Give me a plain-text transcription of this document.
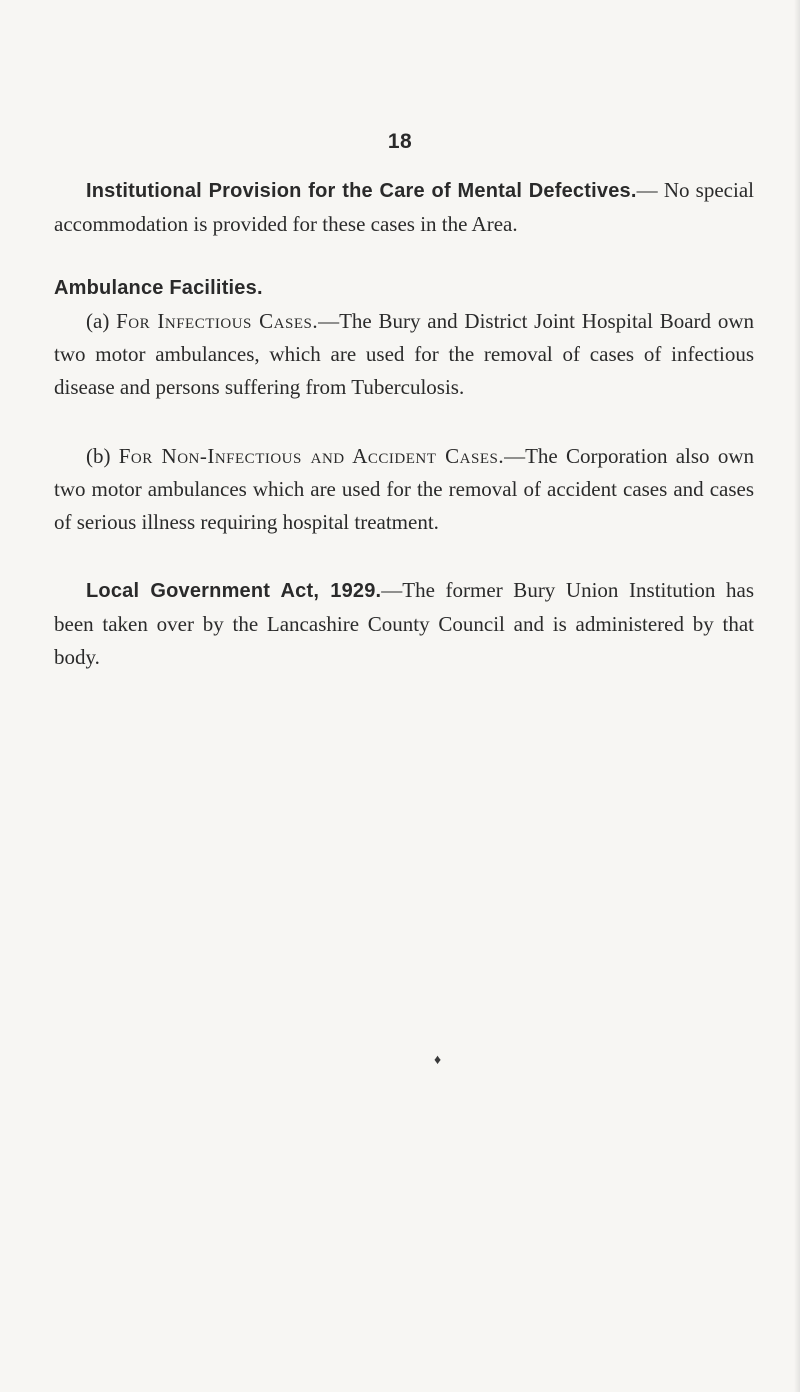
18

Institutional Provision for the Care of Mental Defectives.— No special accommodation is provided for these cases in the Area.

Ambulance Facilities.

(a) For Infectious Cases.—The Bury and District Joint Hospital Board own two motor ambulances, which are used for the removal of cases of infectious disease and persons suffering from Tuberculosis.

(b) For Non-Infectious and Accident Cases.—The Corporation also own two motor ambulances which are used for the removal of accident cases and cases of serious illness requiring hospital treatment.

Local Government Act, 1929.—The former Bury Union Institution has been taken over by the Lancashire County Council and is administered by that body.

♦
